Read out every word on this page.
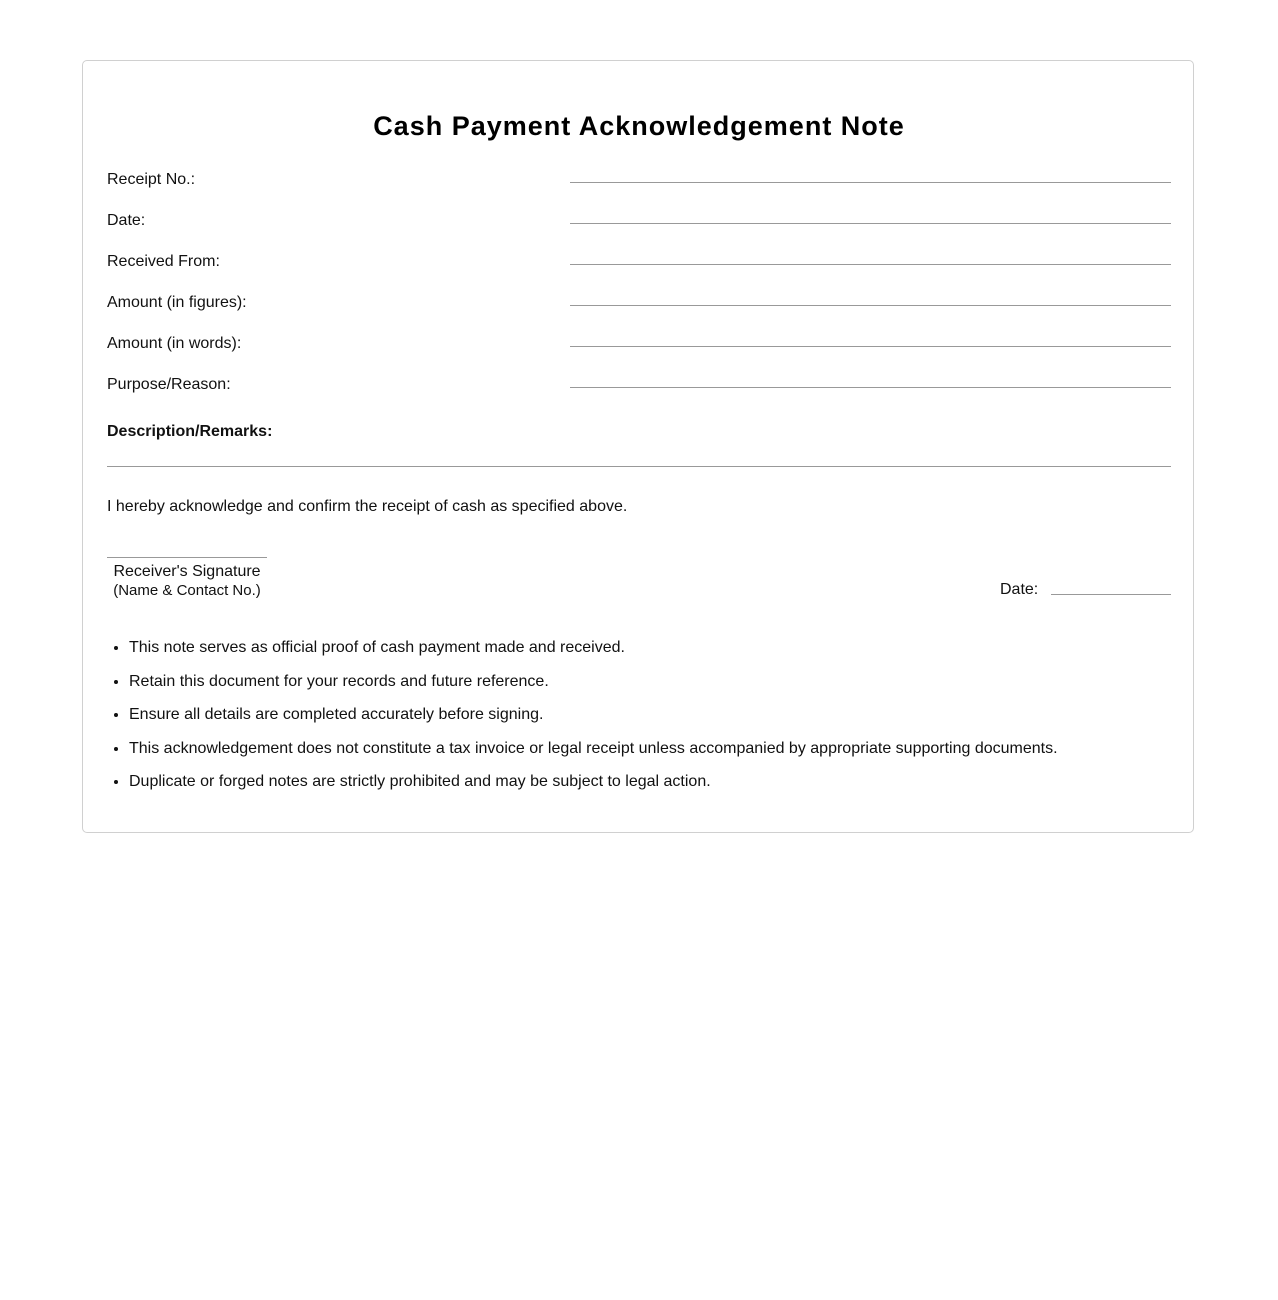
Cash Payment Acknowledgement Note
Receipt No.:
Date:
Received From:
Amount (in figures):
Amount (in words):
Purpose/Reason:
Description/Remarks:
I hereby acknowledge and confirm the receipt of cash as specified above.
Receiver's Signature
(Name & Contact No.)	Date:
• This note serves as official proof of cash payment made and received.
• Retain this document for your records and future reference.
• Ensure all details are completed accurately before signing.
• This acknowledgement does not constitute a tax invoice or legal receipt unless accompanied by appropriate supporting documents.
• Duplicate or forged notes are strictly prohibited and may be subject to legal action.
